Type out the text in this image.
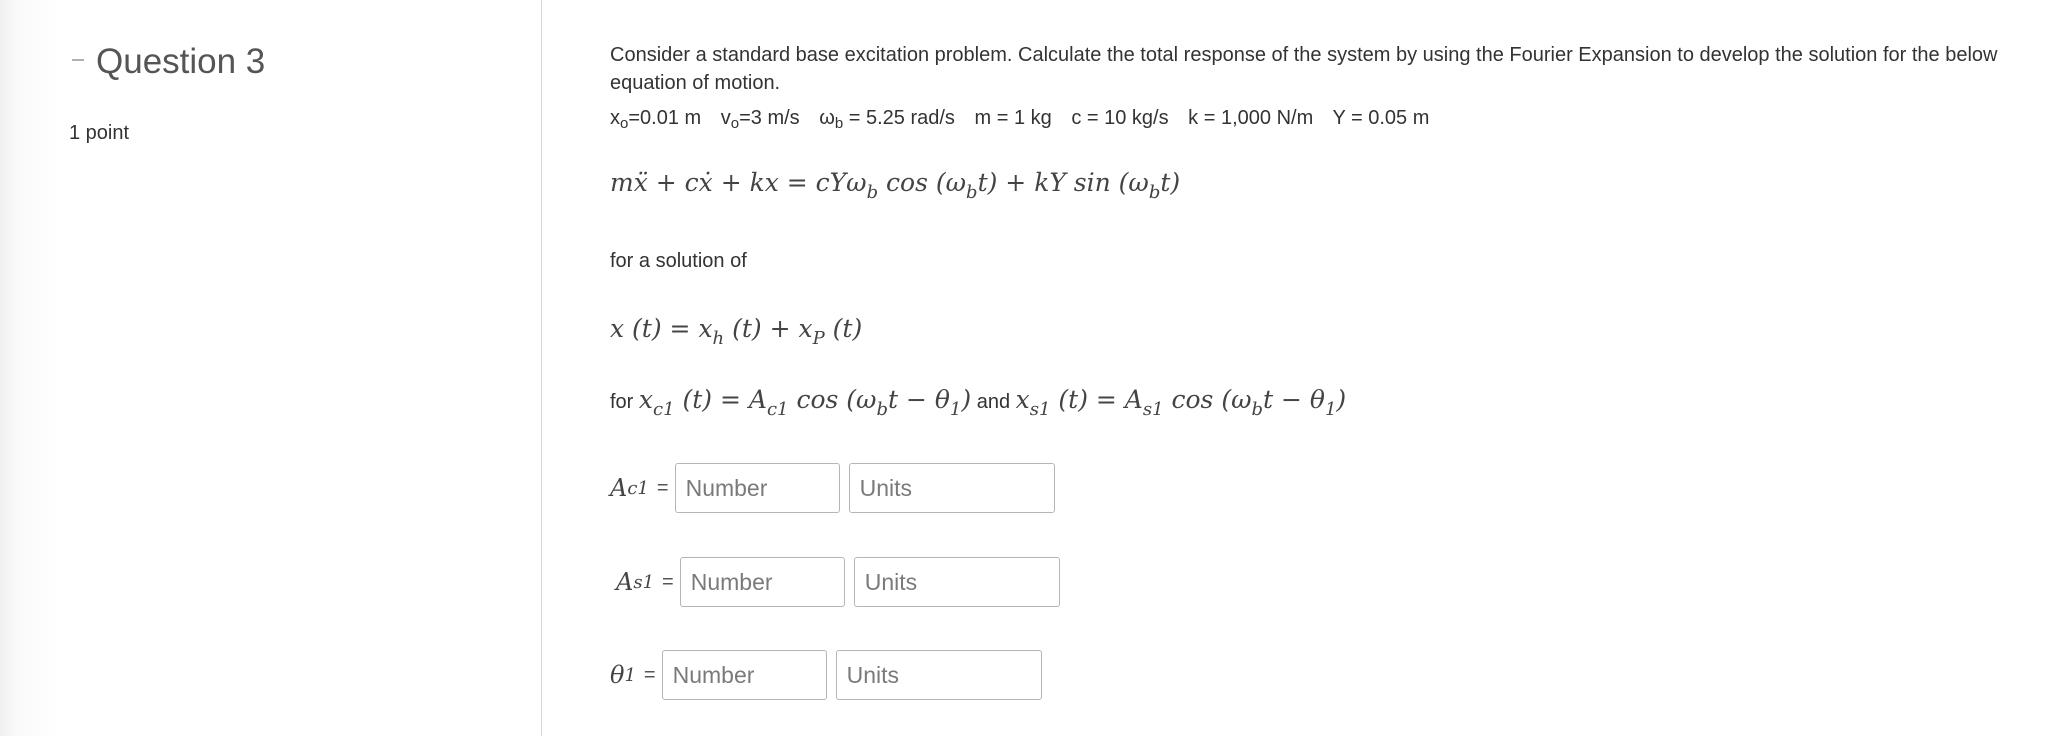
Question 3
1 point
Consider a standard base excitation problem. Calculate the total response of the system by using the Fourier Expansion to develop the solution for the below equation of motion.
$x_o=0.01$ m $v_o=3$ m/s $\omega_b = 5.25$ rad/s m = 1 kg c = 10 kg/s k = 1,000 N/m Y = 0.05 m
mẍ + cẋ + kx = cYω$_b$ $\cos (\omega_bt)$ + kY $\sin (\omega_bt)$
for a solution of
x $(t) = x_h$ $(t) + x_P$ (t)
for $x_{c1}$ $(t) = A_{c1}$ $\cos (\omega_bt - \theta_1)$ and $x_{s1}$ $(t) = A_{s1}$ $\cos (\omega_bt - \theta_1)$
A c1 =
Number
Units
A s1 =
Number
Units
θ 1 =
Number
Units
